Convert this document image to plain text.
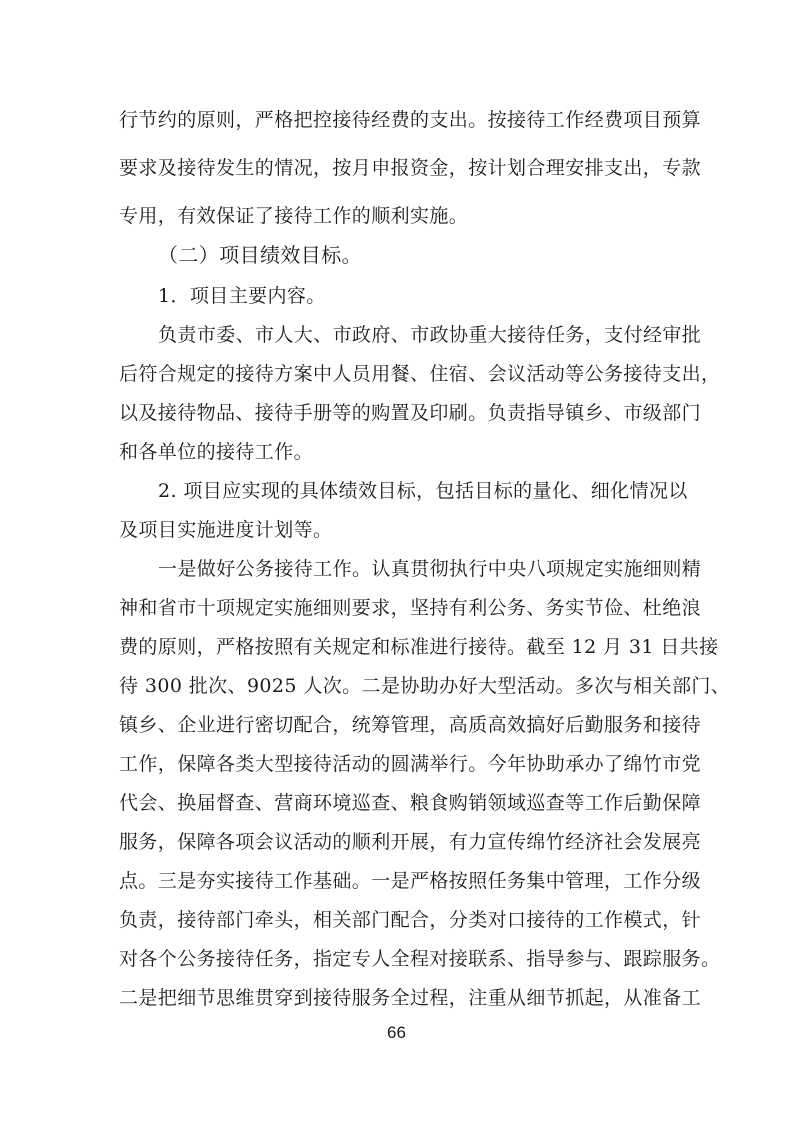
行节约的原则，严格把控接待经费的支出。按接待工作经费项目预算
要求及接待发生的情况，按月申报资金，按计划合理安排支出，专款
专用，有效保证了接待工作的顺利实施。
（二）项目绩效目标。
1．项目主要内容。
负责市委、市人大、市政府、市政协重大接待任务，支付经审批
后符合规定的接待方案中人员用餐、住宿、会议活动等公务接待支出，
以及接待物品、接待手册等的购置及印刷。负责指导镇乡、市级部门
和各单位的接待工作。
2. 项目应实现的具体绩效目标，包括目标的量化、细化情况以
及项目实施进度计划等。
一是做好公务接待工作。认真贯彻执行中央八项规定实施细则精
神和省市十项规定实施细则要求，坚持有利公务、务实节俭、杜绝浪
费的原则，严格按照有关规定和标准进行接待。截至 12 月 31 日共接
待 300 批次、9025 人次。二是协助办好大型活动。多次与相关部门、
镇乡、企业进行密切配合，统筹管理，高质高效搞好后勤服务和接待
工作，保障各类大型接待活动的圆满举行。今年协助承办了绵竹市党
代会、换届督查、营商环境巡查、粮食购销领域巡查等工作后勤保障
服务，保障各项会议活动的顺利开展，有力宣传绵竹经济社会发展亮
点。三是夯实接待工作基础。一是严格按照任务集中管理，工作分级
负责，接待部门牵头，相关部门配合，分类对口接待的工作模式，针
对各个公务接待任务，指定专人全程对接联系、指导参与、跟踪服务。
二是把细节思维贯穿到接待服务全过程，注重从细节抓起，从准备工
66
